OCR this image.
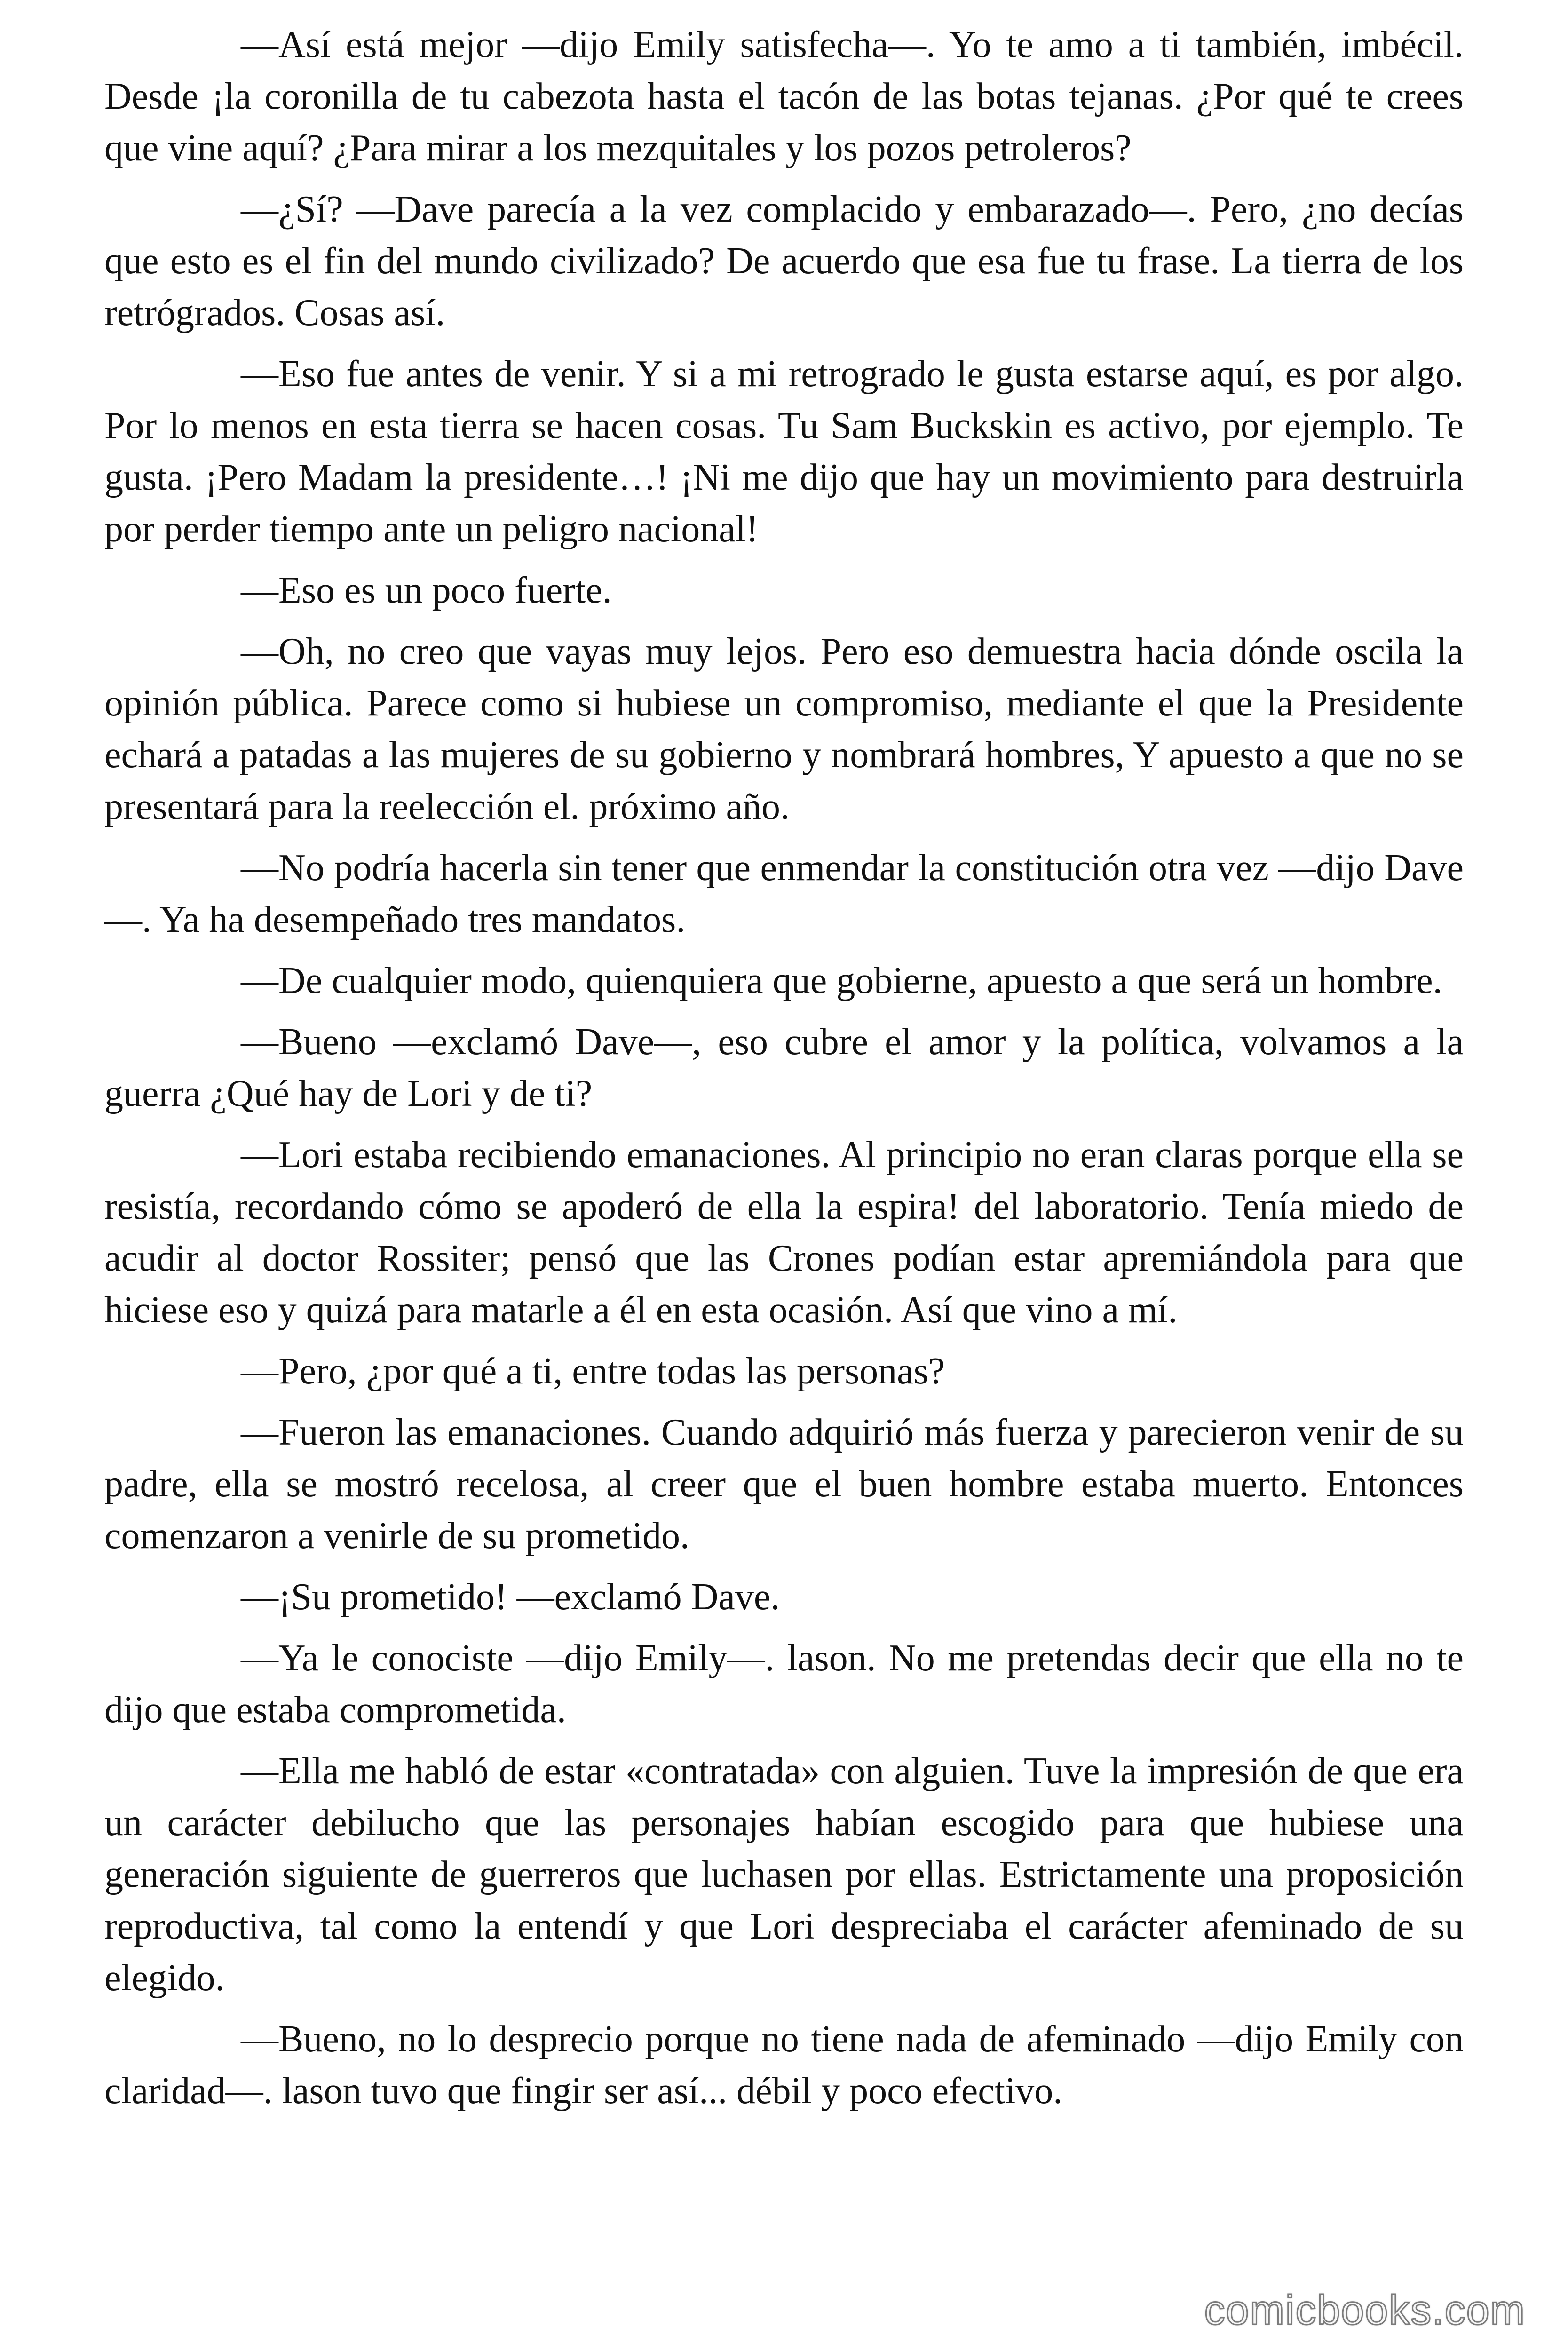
—Así está mejor —dijo Emily satisfecha—. Yo te amo a ti también, imbécil. Desde ¡la coronilla de tu cabezota hasta el tacón de las botas tejanas. ¿Por qué te crees que vine aquí? ¿Para mirar a los mezquitales y los pozos petroleros?

—¿Sí? —Dave parecía a la vez complacido y embarazado—. Pero, ¿no decías que esto es el fin del mundo civilizado? De acuerdo que esa fue tu frase. La tierra de los retrógrados. Cosas así.

—Eso fue antes de venir. Y si a mi retrogrado le gusta estarse aquí, es por algo. Por lo menos en esta tierra se hacen cosas. Tu Sam Buckskin es activo, por ejemplo. Te gusta. ¡Pero Madam la presidente…! ¡Ni me dijo que hay un movimiento para destruirla por perder tiempo ante un peligro nacional!

—Eso es un poco fuerte.

—Oh, no creo que vayas muy lejos. Pero eso demuestra hacia dónde oscila la opinión pública. Parece como si hubiese un compromiso, mediante el que la Presidente echará a patadas a las mujeres de su gobierno y nombrará hombres, Y apuesto a que no se presentará para la reelección el. próximo año.

—No podría hacerla sin tener que enmendar la constitución otra vez —dijo Dave—. Ya ha desempeñado tres mandatos.

—De cualquier modo, quienquiera que gobierne, apuesto a que será un hombre.

—Bueno —exclamó Dave—, eso cubre el amor y la política, volvamos a la guerra ¿Qué hay de Lori y de ti?

—Lori estaba recibiendo emanaciones. Al principio no eran claras porque ella se resistía, recordando cómo se apoderó de ella la espira! del laboratorio. Tenía miedo de acudir al doctor Rossiter; pensó que las Crones podían estar apremiándola para que hiciese eso y quizá para matarle a él en esta ocasión. Así que vino a mí.

—Pero, ¿por qué a ti, entre todas las personas?

—Fueron las emanaciones. Cuando adquirió más fuerza y parecieron venir de su padre, ella se mostró recelosa, al creer que el buen hombre estaba muerto. Entonces comenzaron a venirle de su prometido.

—¡Su prometido! —exclamó Dave.

—Ya le conociste —dijo Emily—. lason. No me pretendas decir que ella no te dijo que estaba comprometida.

—Ella me habló de estar «contratada» con alguien. Tuve la impresión de que era un carácter debilucho que las personajes habían escogido para que hubiese una generación siguiente de guerreros que luchasen por ellas. Estrictamente una proposición reproductiva, tal como la entendí y que Lori despreciaba el carácter afeminado de su elegido.

—Bueno, no lo desprecio porque no tiene nada de afeminado —dijo Emily con claridad—. lason tuvo que fingir ser así... débil y poco efectivo.

comicbooks.com
